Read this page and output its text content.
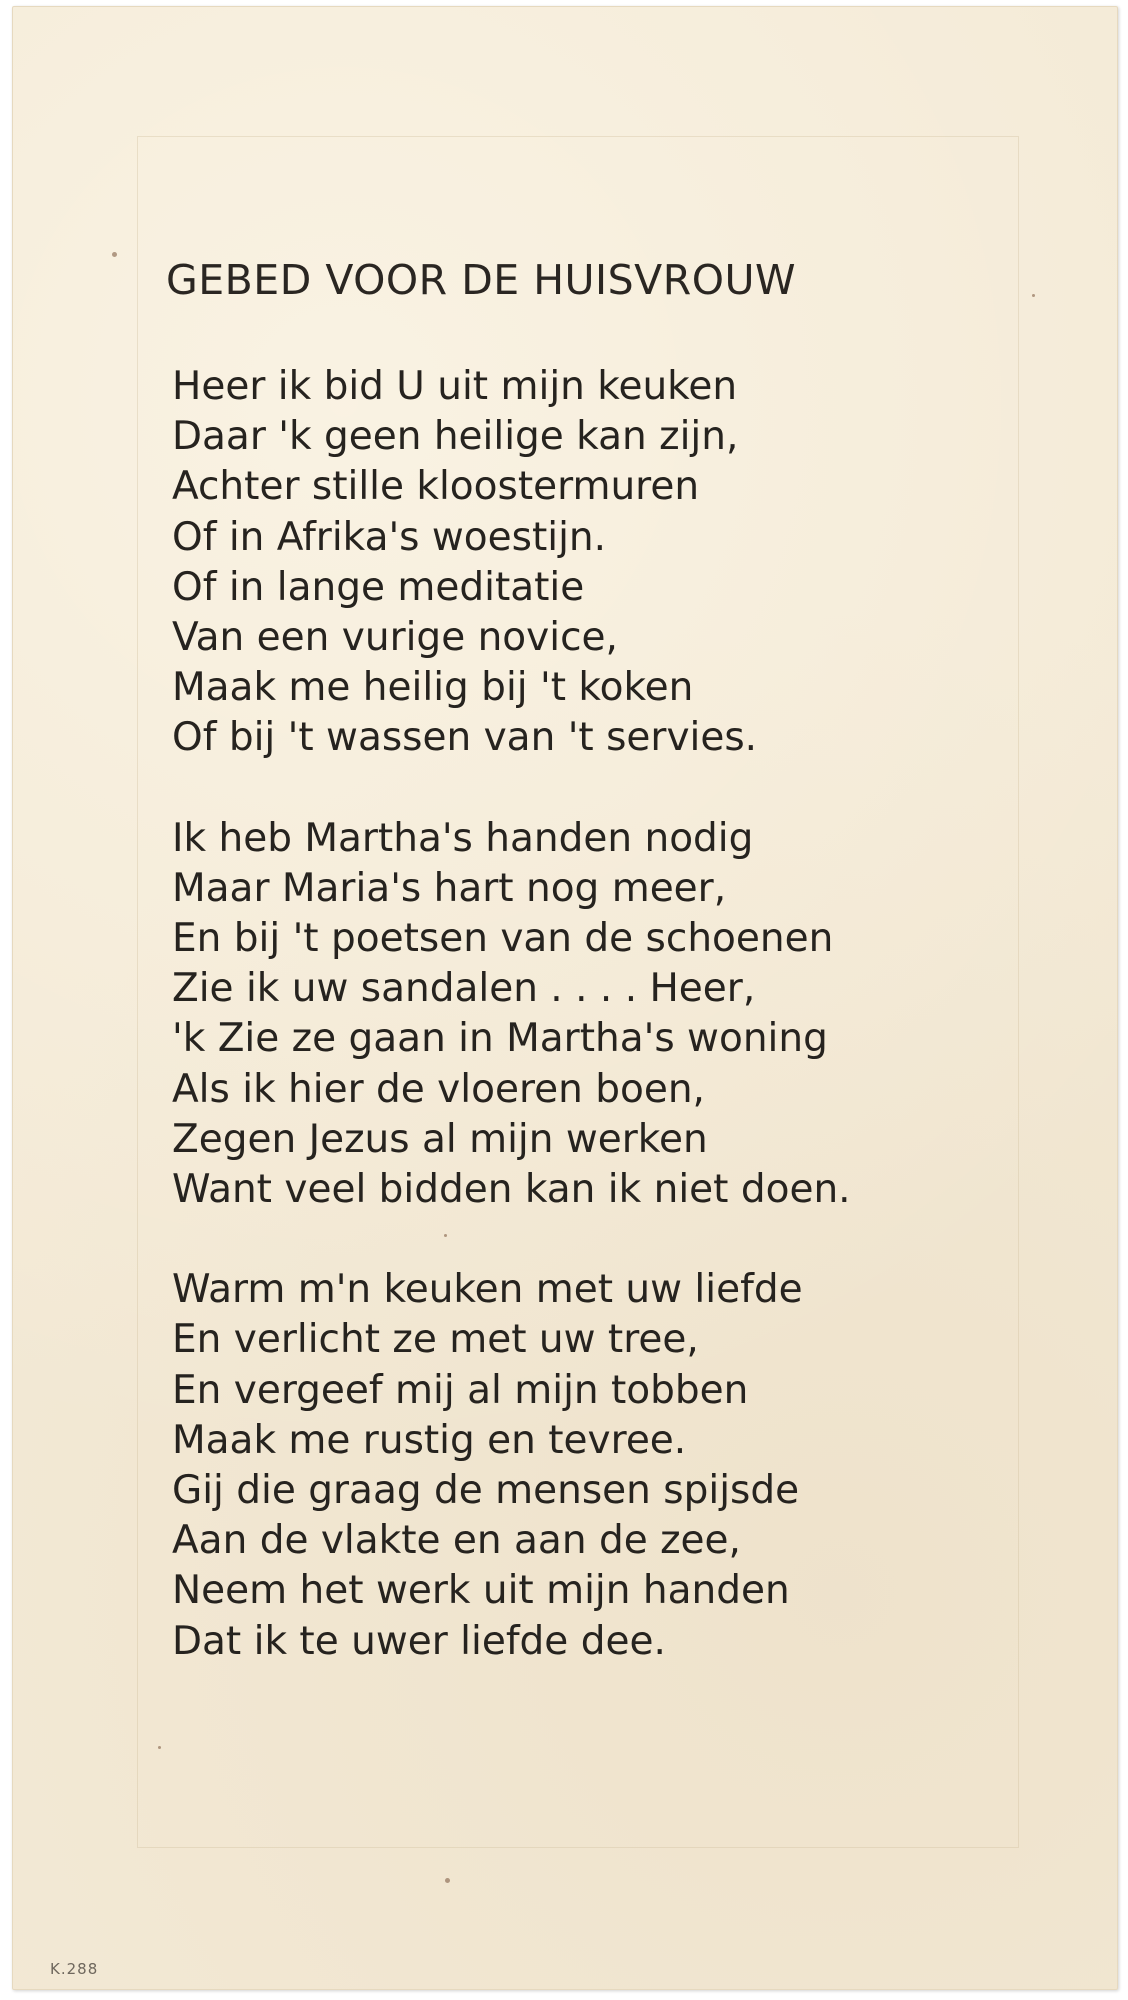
GEBED VOOR DE HUISVROUW
Heer ik bid U uit mijn keuken
Daar 'k geen heilige kan zijn,
Achter stille kloostermuren
Of in Afrika's woestijn.
Of in lange meditatie
Van een vurige novice,
Maak me heilig bij 't koken
Of bij 't wassen van 't servies.
Ik heb Martha's handen nodig
Maar Maria's hart nog meer,
En bij 't poetsen van de schoenen
Zie ik uw sandalen . . . . Heer,
'k Zie ze gaan in Martha's woning
Als ik hier de vloeren boen,
Zegen Jezus al mijn werken
Want veel bidden kan ik niet doen.
Warm m'n keuken met uw liefde
En verlicht ze met uw tree,
En vergeef mij al mijn tobben
Maak me rustig en tevree.
Gij die graag de mensen spijsde
Aan de vlakte en aan de zee,
Neem het werk uit mijn handen
Dat ik te uwer liefde dee.
K.288
